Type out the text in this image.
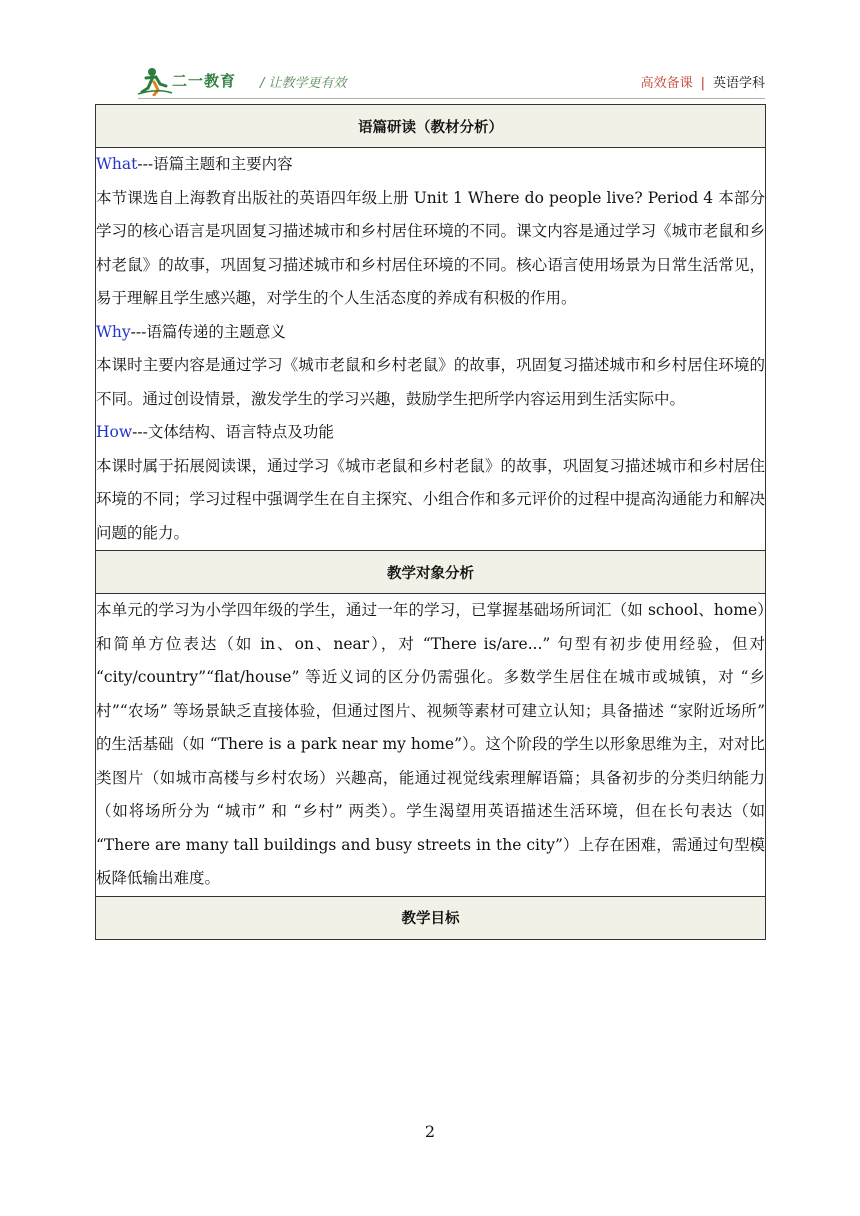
二一教育 / 让教学更有效	高效备课 | 英语学科
语篇研读（教材分析）

What---语篇主题和主要内容
本节课选自上海教育出版社的英语四年级上册 Unit 1 Where do people live? Period 4 本部分学习的核心语言是巩固复习描述城市和乡村居住环境的不同。课文内容是通过学习《城市老鼠和乡村老鼠》的故事，巩固复习描述城市和乡村居住环境的不同。核心语言使用场景为日常生活常见，易于理解且学生感兴趣，对学生的个人生活态度的养成有积极的作用。
Why---语篇传递的主题意义
本课时主要内容是通过学习《城市老鼠和乡村老鼠》的故事，巩固复习描述城市和乡村居住环境的不同。通过创设情景，激发学生的学习兴趣，鼓励学生把所学内容运用到生活实际中。
How---文体结构、语言特点及功能
本课时属于拓展阅读课，通过学习《城市老鼠和乡村老鼠》的故事，巩固复习描述城市和乡村居住环境的不同；学习过程中强调学生在自主探究、小组合作和多元评价的过程中提高沟通能力和解决问题的能力。

教学对象分析

本单元的学习为小学四年级的学生，通过一年的学习，已掌握基础场所词汇（如 school、home）和简单方位表达（如 in、on、near），对 “There is/are...” 句型有初步使用经验，但对 “city/country”“flat/house” 等近义词的区分仍需强化。多数学生居住在城市或城镇，对 “乡村”“农场” 等场景缺乏直接体验，但通过图片、视频等素材可建立认知；具备描述 “家附近场所” 的生活基础（如 “There is a park near my home”）。这个阶段的学生以形象思维为主，对对比类图片（如城市高楼与乡村农场）兴趣高，能通过视觉线索理解语篇；具备初步的分类归纳能力（如将场所分为 “城市” 和 “乡村” 两类）。学生渴望用英语描述生活环境，但在长句表达（如 “There are many tall buildings and busy streets in the city”）上存在困难，需通过句型模板降低输出难度。

教学目标
2
